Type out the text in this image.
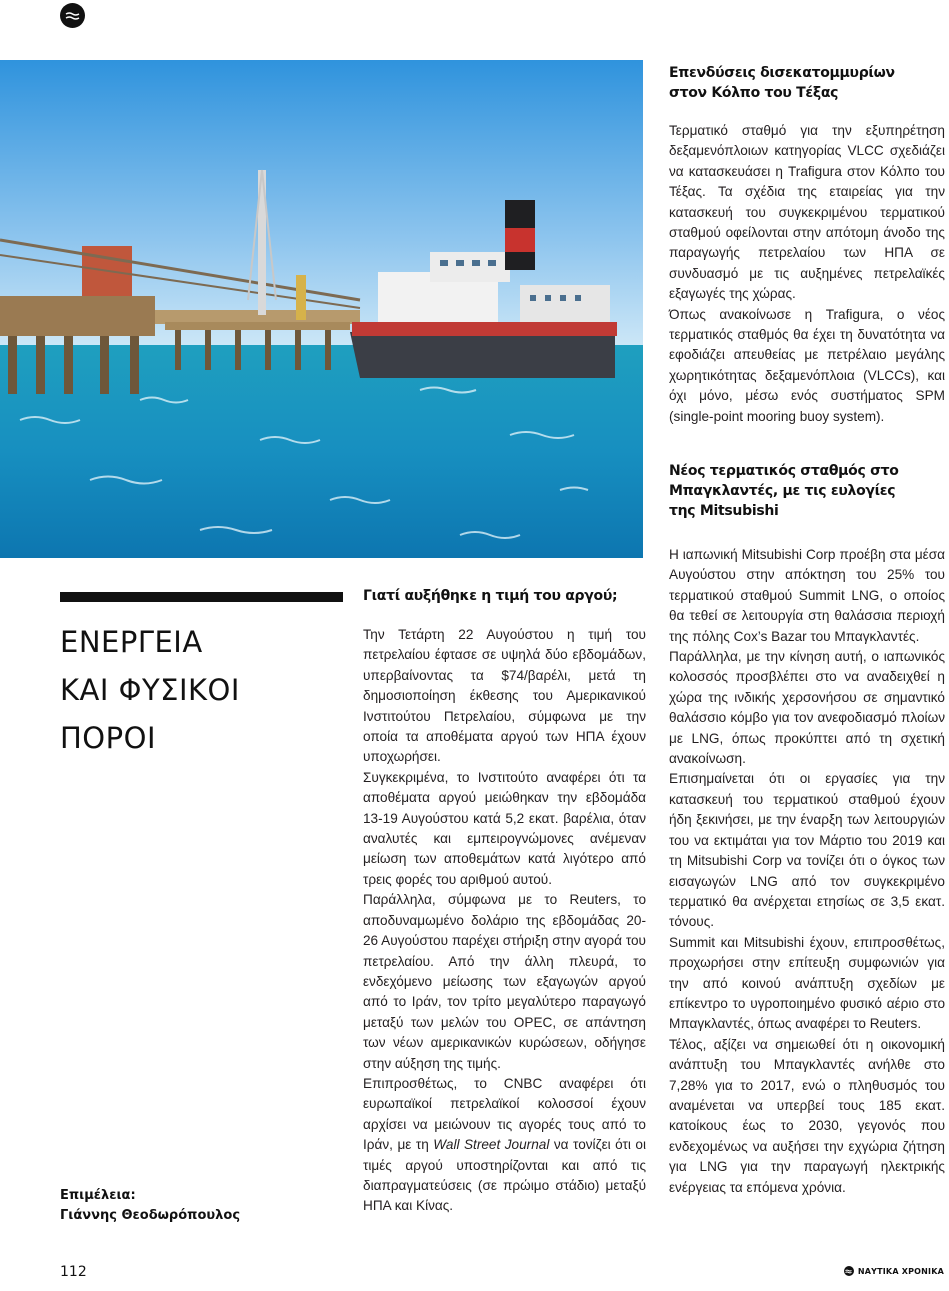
ΕΝΕΡΓΕΙΑ
ΚΑΙ ΦΥΣΙΚΟΙ ΠΟΡΟΙ
Επιμέλεια:
Γιάννης Θεοδωρόπουλος
Γιατί αυξήθηκε η τιμή του αργού;

Την Τετάρτη 22 Αυγούστου η τιμή του πετρελαίου έφτασε σε υψηλά δύο εβδομάδων, υπερβαίνοντας τα $74/βαρέλι, μετά τη δημοσιοποίηση έκθεσης του Αμερικανικού Ινστιτούτου Πετρελαίου, σύμφωνα με την οποία τα αποθέματα αργού των ΗΠΑ έχουν υποχωρήσει.

Συγκεκριμένα, το Ινστιτούτο αναφέρει ότι τα αποθέματα αργού μειώθηκαν την εβδομάδα 13-19 Αυγούστου κατά 5,2 εκατ. βαρέλια, όταν αναλυτές και εμπειρογνώμονες ανέμεναν μείωση των αποθεμάτων κατά λιγότερο από τρεις φορές του αριθμού αυτού.

Παράλληλα, σύμφωνα με το Reuters, το αποδυναμωμένο δολάριο της εβδομάδας 20-26 Αυγούστου παρέχει στήριξη στην αγορά του πετρελαίου. Από την άλλη πλευρά, το ενδεχόμενο μείωσης των εξαγωγών αργού από το Ιράν, τον τρίτο μεγαλύτερο παραγωγό μεταξύ των μελών του OPEC, σε απάντηση των νέων αμερικανικών κυρώσεων, οδήγησε στην αύξηση της τιμής.

Επιπροσθέτως, το CNBC αναφέρει ότι ευρωπαϊκοί πετρελαϊκοί κολοσσοί έχουν αρχίσει να μειώνουν τις αγορές τους από το Ιράν, με τη Wall Street Journal να τονίζει ότι οι τιμές αργού υποστηρίζονται και από τις διαπραγματεύσεις (σε πρώιμο στάδιο) μεταξύ ΗΠΑ και Κίνας.

Επενδύσεις δισεκατομμυρίων
στον Κόλπο του Τέξας

Τερματικό σταθμό για την εξυπηρέτηση δεξαμενόπλοιων κατηγορίας VLCC σχεδιάζει να κατασκευάσει η Trafigura στον Κόλπο του Τέξας. Τα σχέδια της εταιρείας για την κατασκευή του συγκεκριμένου τερματικού σταθμού οφείλονται στην απότομη άνοδο της παραγωγής πετρελαίου των ΗΠΑ σε συνδυασμό με τις αυξημένες πετρελαϊκές εξαγωγές της χώρας.

Όπως ανακοίνωσε η Trafigura, ο νέος τερματικός σταθμός θα έχει τη δυνατότητα να εφοδιάζει απευθείας με πετρέλαιο μεγάλης χωρητικότητας δεξαμενόπλοια (VLCCs), και όχι μόνο, μέσω ενός συστήματος SPM (single-point mooring buoy system).

Νέος τερματικός σταθμός στο
Μπαγκλαντές, με τις ευλογίες
της Mitsubishi

Η ιαπωνική Mitsubishi Corp προέβη στα μέσα Αυγούστου στην απόκτηση του 25% του τερματικού σταθμού Summit LNG, ο οποίος θα τεθεί σε λειτουργία στη θαλάσσια περιοχή της πόλης Cox’s Bazar του Μπαγκλαντές.

Παράλληλα, με την κίνηση αυτή, ο ιαπωνικός κολοσσός προσβλέπει στο να αναδειχθεί η χώρα της ινδικής χερσονήσου σε σημαντικό θαλάσσιο κόμβο για τον ανεφοδιασμό πλοίων με LNG, όπως προκύπτει από τη σχετική ανακοίνωση.

Επισημαίνεται ότι οι εργασίες για την κατασκευή του τερματικού σταθμού έχουν ήδη ξεκινήσει, με την έναρξη των λειτουργιών του να εκτιμάται για τον Μάρτιο του 2019 και τη Mitsubishi Corp να τονίζει ότι ο όγκος των εισαγωγών LNG από τον συγκεκριμένο τερματικό θα ανέρχεται ετησίως σε 3,5 εκατ. τόνους.

Summit και Mitsubishi έχουν, επιπροσθέτως, προχωρήσει στην επίτευξη συμφωνιών για την από κοινού ανάπτυξη σχεδίων με επίκεντρο το υγροποιημένο φυσικό αέριο στο Μπαγκλαντές, όπως αναφέρει το Reuters.

Τέλος, αξίζει να σημειωθεί ότι η οικονομική ανάπτυξη του Μπαγκλαντές ανήλθε στο 7,28% για το 2017, ενώ ο πληθυσμός του αναμένεται να υπερβεί τους 185 εκατ. κατοίκους έως το 2030, γεγονός που ενδεχομένως να αυξήσει την εχγώρια ζήτηση για LNG για την παραγωγή ηλεκτρικής ενέργειας τα επόμενα χρόνια.

112	ΝΑΥΤΙΚΑ ΧΡΟΝΙΚΑ
